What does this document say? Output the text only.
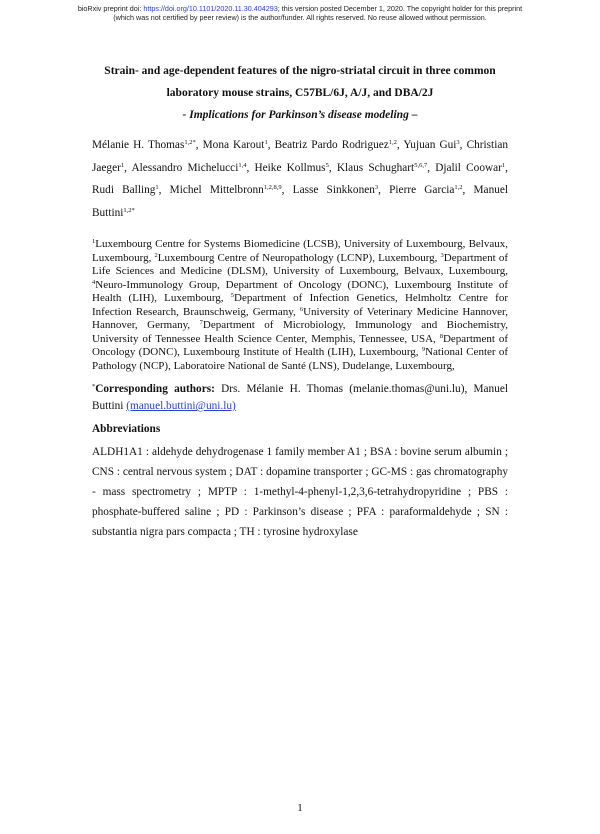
bioRxiv preprint doi: https://doi.org/10.1101/2020.11.30.404293; this version posted December 1, 2020. The copyright holder for this preprint
(which was not certified by peer review) is the author/funder. All rights reserved. No reuse allowed without permission.
Strain- and age-dependent features of the nigro-striatal circuit in three common
laboratory mouse strains, C57BL/6J, A/J, and DBA/2J
- Implications for Parkinson’s disease modeling –
Mélanie H. Thomas$^{1,2*}$, Mona Karout$^1$, Beatriz Pardo Rodriguez$^{1,2}$, Yujuan Gui$^3$, Christian Jaeger$^1$, Alessandro Michelucci$^{1,4}$, Heike Kollmus$^5$, Klaus Schughart$^{5,6,7}$, Djalil Coowar$^1$, Rudi Balling$^1$, Michel Mittelbronn$^{1,2,8,9}$, Lasse Sinkkonen$^3$, Pierre Garcia$^{1,2}$, Manuel Buttini$^{1,2*}$
$^1$Luxembourg Centre for Systems Biomedicine (LCSB), University of Luxembourg, Belvaux, Luxembourg, $^2$Luxembourg Centre of Neuropathology (LCNP), Luxembourg, $^3$Department of Life Sciences and Medicine (DLSM), University of Luxembourg, Belvaux, Luxembourg, $^4$Neuro-Immunology Group, Department of Oncology (DONC), Luxembourg Institute of Health (LIH), Luxembourg, $^5$Department of Infection Genetics, Helmholtz Centre for Infection Research, Braunschweig, Germany, $^6$University of Veterinary Medicine Hannover, Hannover, Germany, $^7$Department of Microbiology, Immunology and Biochemistry, University of Tennessee Health Science Center, Memphis, Tennessee, USA, $^8$Department of Oncology (DONC), Luxembourg Institute of Health (LIH), Luxembourg, $^9$National Center of Pathology (NCP), Laboratoire National de Santé (LNS), Dudelange, Luxembourg,
*Corresponding authors: Drs. Mélanie H. Thomas (melanie.thomas@uni.lu), Manuel Buttini (manuel.buttini@uni.lu)
Abbreviations
ALDH1A1 : aldehyde dehydrogenase 1 family member A1 ; BSA : bovine serum albumin ; CNS : central nervous system ; DAT : dopamine transporter ; GC-MS : gas chromatography - mass spectrometry ; MPTP : 1-methyl-4-phenyl-1,2,3,6-tetrahydropyridine ; PBS : phosphate-buffered saline ; PD : Parkinson’s disease ; PFA : paraformaldehyde ; SN : substantia nigra pars compacta ; TH : tyrosine hydroxylase
1
